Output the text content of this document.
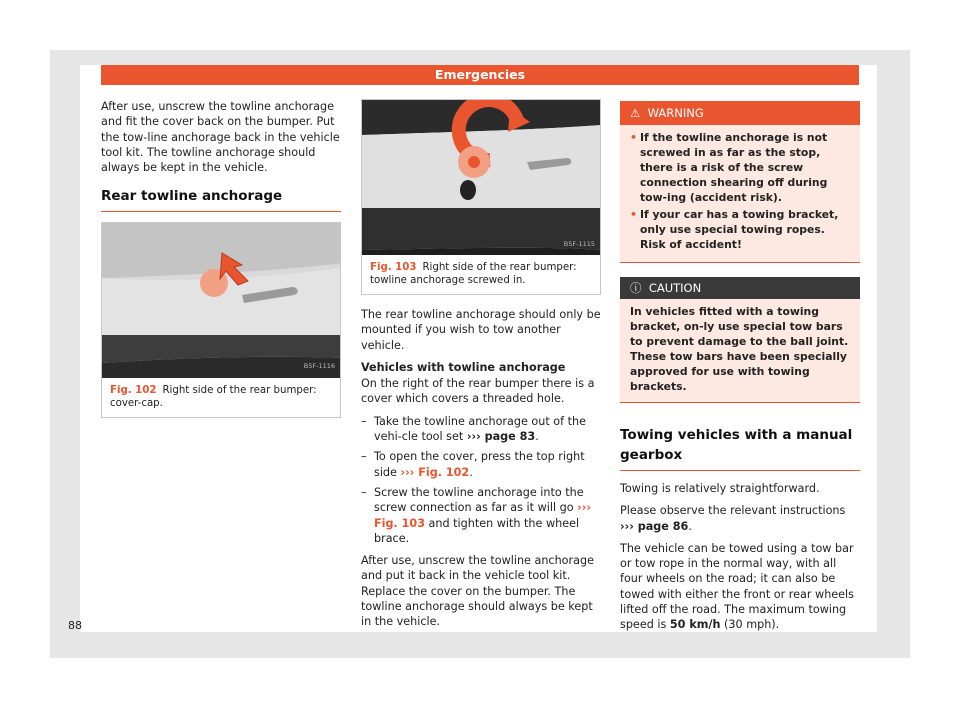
Emergencies

After use, unscrew the towline anchorage and fit the cover back on the bumper. Put the tow-line anchorage back in the vehicle tool kit. The towline anchorage should always be kept in the vehicle.

Rear towline anchorage
B5F-1116
Fig. 102 Right side of the rear bumper: cover-cap.
B5F-1115
Fig. 103 Right side of the rear bumper: towline anchorage screwed in.

The rear towline anchorage should only be mounted if you wish to tow another vehicle.

Vehicles with towline anchorage

On the right of the rear bumper there is a cover which covers a threaded hole.

– Take the towline anchorage out of the vehi-cle tool set ››› page 83.
– To open the cover, press the top right side ››› Fig. 102.
– Screw the towline anchorage into the screw connection as far as it will go ››› Fig. 103 and tighten with the wheel brace.

After use, unscrew the towline anchorage and put it back in the vehicle tool kit. Replace the cover on the bumper. The towline anchorage should always be kept in the vehicle.

⚠ WARNING
• If the towline anchorage is not screwed in as far as the stop, there is a risk of the screw connection shearing off during tow-ing (accident risk).
• If your car has a towing bracket, only use special towing ropes. Risk of accident!
ⓘ CAUTION
In vehicles fitted with a towing bracket, on-ly use special tow bars to prevent damage to the ball joint. These tow bars have been specially approved for use with towing brackets.
Towing vehicles with a manual gearbox

Towing is relatively straightforward.

Please observe the relevant instructions ››› page 86.

The vehicle can be towed using a tow bar or tow rope in the normal way, with all four wheels on the road; it can also be towed with either the front or rear wheels lifted off the road. The maximum towing speed is 50 km/h (30 mph).

88
